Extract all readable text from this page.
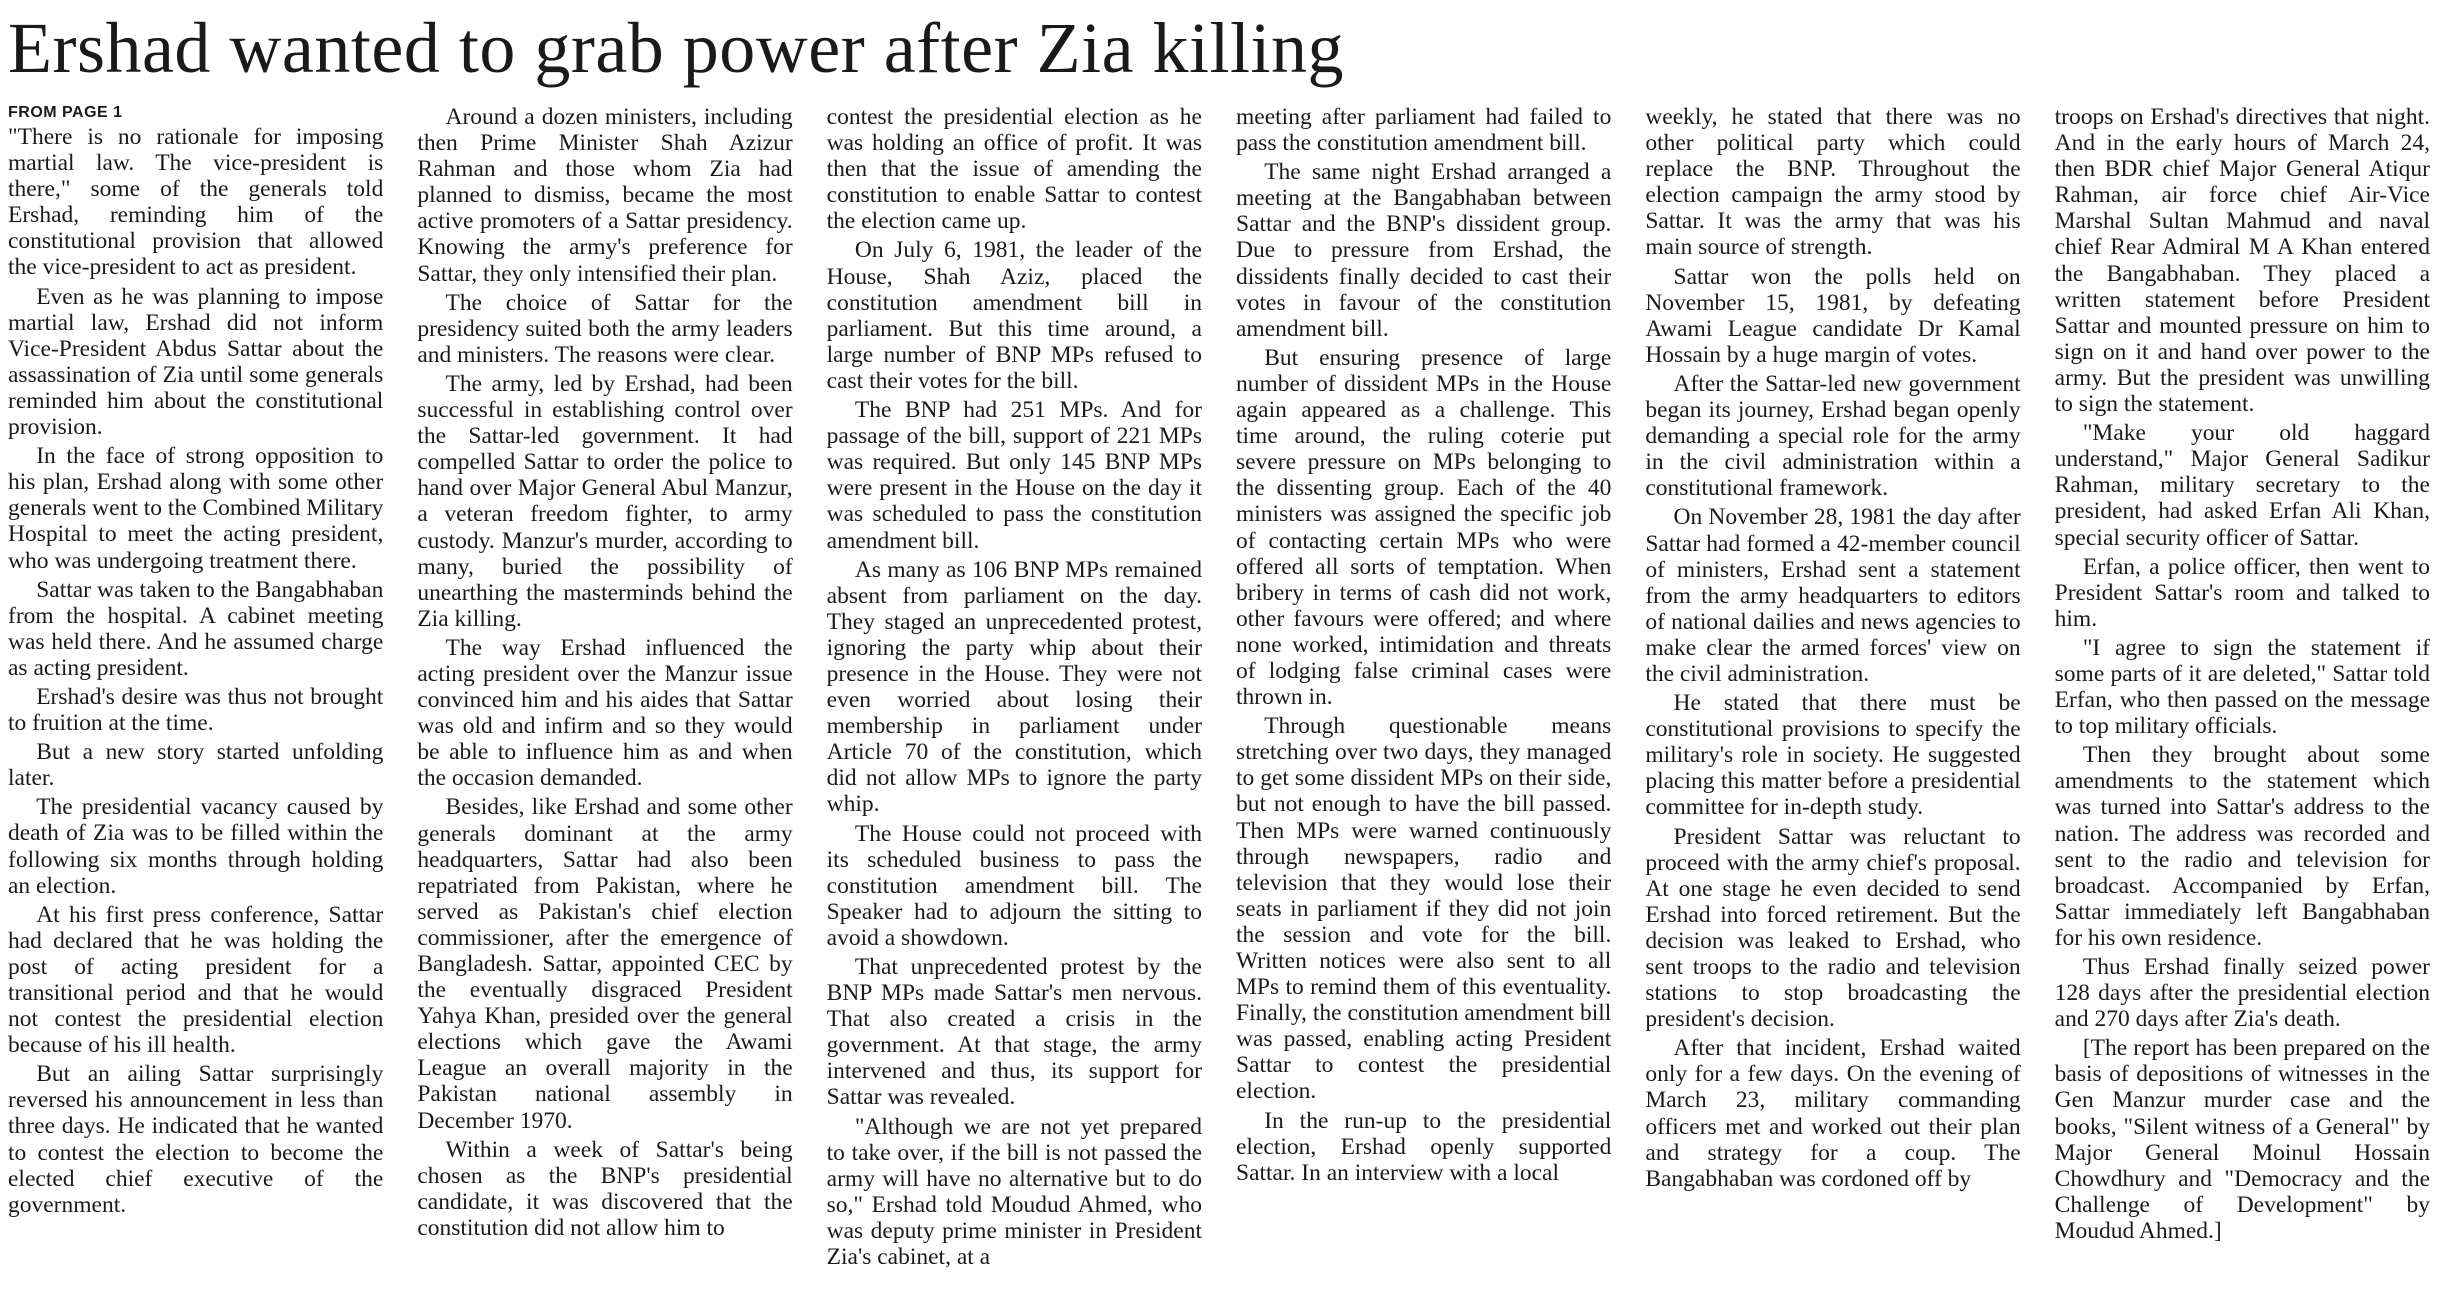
Ershad wanted to grab power after Zia killing
FROM PAGE 1

"There is no rationale for imposing martial law. The vice-president is there," some of the generals told Ershad, reminding him of the constitutional provision that allowed the vice-president to act as president.

Even as he was planning to impose martial law, Ershad did not inform Vice-President Abdus Sattar about the assassination of Zia until some generals reminded him about the constitutional provision.

In the face of strong opposition to his plan, Ershad along with some other generals went to the Combined Military Hospital to meet the acting president, who was undergoing treatment there.

Sattar was taken to the Bangabhaban from the hospital. A cabinet meeting was held there. And he assumed charge as acting president.

Ershad's desire was thus not brought to fruition at the time.

But a new story started unfolding later.

The presidential vacancy caused by death of Zia was to be filled within the following six months through holding an election.

At his first press conference, Sattar had declared that he was holding the post of acting president for a transitional period and that he would not contest the presidential election because of his ill health.

But an ailing Sattar surprisingly reversed his announcement in less than three days. He indicated that he wanted to contest the election to become the elected chief executive of the government.

Around a dozen ministers, including then Prime Minister Shah Azizur Rahman and those whom Zia had planned to dismiss, became the most active promoters of a Sattar presidency. Knowing the army's preference for Sattar, they only intensified their plan.

The choice of Sattar for the presidency suited both the army leaders and ministers. The reasons were clear.

The army, led by Ershad, had been successful in establishing control over the Sattar-led government. It had compelled Sattar to order the police to hand over Major General Abul Manzur, a veteran freedom fighter, to army custody. Manzur's murder, according to many, buried the possibility of unearthing the masterminds behind the Zia killing.

The way Ershad influenced the acting president over the Manzur issue convinced him and his aides that Sattar was old and infirm and so they would be able to influence him as and when the occasion demanded.

Besides, like Ershad and some other generals dominant at the army headquarters, Sattar had also been repatriated from Pakistan, where he served as Pakistan's chief election commissioner, after the emergence of Bangladesh. Sattar, appointed CEC by the eventually disgraced President Yahya Khan, presided over the general elections which gave the Awami League an overall majority in the Pakistan national assembly in December 1970.

Within a week of Sattar's being chosen as the BNP's presidential candidate, it was discovered that the constitution did not allow him to

contest the presidential election as he was holding an office of profit. It was then that the issue of amending the constitution to enable Sattar to contest the election came up.

On July 6, 1981, the leader of the House, Shah Aziz, placed the constitution amendment bill in parliament. But this time around, a large number of BNP MPs refused to cast their votes for the bill.

The BNP had 251 MPs. And for passage of the bill, support of 221 MPs was required. But only 145 BNP MPs were present in the House on the day it was scheduled to pass the constitution amendment bill.

As many as 106 BNP MPs remained absent from parliament on the day. They staged an unprecedented protest, ignoring the party whip about their presence in the House. They were not even worried about losing their membership in parliament under Article 70 of the constitution, which did not allow MPs to ignore the party whip.

The House could not proceed with its scheduled business to pass the constitution amendment bill. The Speaker had to adjourn the sitting to avoid a showdown.

That unprecedented protest by the BNP MPs made Sattar's men nervous. That also created a crisis in the government. At that stage, the army intervened and thus, its support for Sattar was revealed.

"Although we are not yet prepared to take over, if the bill is not passed the army will have no alternative but to do so," Ershad told Moudud Ahmed, who was deputy prime minister in President Zia's cabinet, at a

meeting after parliament had failed to pass the constitution amendment bill.

The same night Ershad arranged a meeting at the Bangabhaban between Sattar and the BNP's dissident group. Due to pressure from Ershad, the dissidents finally decided to cast their votes in favour of the constitution amendment bill.

But ensuring presence of large number of dissident MPs in the House again appeared as a challenge. This time around, the ruling coterie put severe pressure on MPs belonging to the dissenting group. Each of the 40 ministers was assigned the specific job of contacting certain MPs who were offered all sorts of temptation. When bribery in terms of cash did not work, other favours were offered; and where none worked, intimidation and threats of lodging false criminal cases were thrown in.

Through questionable means stretching over two days, they managed to get some dissident MPs on their side, but not enough to have the bill passed. Then MPs were warned continuously through newspapers, radio and television that they would lose their seats in parliament if they did not join the session and vote for the bill. Written notices were also sent to all MPs to remind them of this eventuality. Finally, the constitution amendment bill was passed, enabling acting President Sattar to contest the presidential election.

In the run-up to the presidential election, Ershad openly supported Sattar. In an interview with a local

weekly, he stated that there was no other political party which could replace the BNP. Throughout the election campaign the army stood by Sattar. It was the army that was his main source of strength.

Sattar won the polls held on November 15, 1981, by defeating Awami League candidate Dr Kamal Hossain by a huge margin of votes.

After the Sattar-led new government began its journey, Ershad began openly demanding a special role for the army in the civil administration within a constitutional framework.

On November 28, 1981 the day after Sattar had formed a 42-member council of ministers, Ershad sent a statement from the army headquarters to editors of national dailies and news agencies to make clear the armed forces' view on the civil administration.

He stated that there must be constitutional provisions to specify the military's role in society. He suggested placing this matter before a presidential committee for in-depth study.

President Sattar was reluctant to proceed with the army chief's proposal. At one stage he even decided to send Ershad into forced retirement. But the decision was leaked to Ershad, who sent troops to the radio and television stations to stop broadcasting the president's decision.

After that incident, Ershad waited only for a few days. On the evening of March 23, military commanding officers met and worked out their plan and strategy for a coup. The Bangabhaban was cordoned off by

troops on Ershad's directives that night. And in the early hours of March 24, then BDR chief Major General Atiqur Rahman, air force chief Air-Vice Marshal Sultan Mahmud and naval chief Rear Admiral M A Khan entered the Bangabhaban. They placed a written statement before President Sattar and mounted pressure on him to sign on it and hand over power to the army. But the president was unwilling to sign the statement.

"Make your old haggard understand," Major General Sadikur Rahman, military secretary to the president, had asked Erfan Ali Khan, special security officer of Sattar.

Erfan, a police officer, then went to President Sattar's room and talked to him.

"I agree to sign the statement if some parts of it are deleted," Sattar told Erfan, who then passed on the message to top military officials.

Then they brought about some amendments to the statement which was turned into Sattar's address to the nation. The address was recorded and sent to the radio and television for broadcast. Accompanied by Erfan, Sattar immediately left Bangabhaban for his own residence.

Thus Ershad finally seized power 128 days after the presidential election and 270 days after Zia's death.

[The report has been prepared on the basis of depositions of witnesses in the Gen Manzur murder case and the books, "Silent witness of a General" by Major General Moinul Hossain Chowdhury and "Democracy and the Challenge of Development" by Moudud Ahmed.]
